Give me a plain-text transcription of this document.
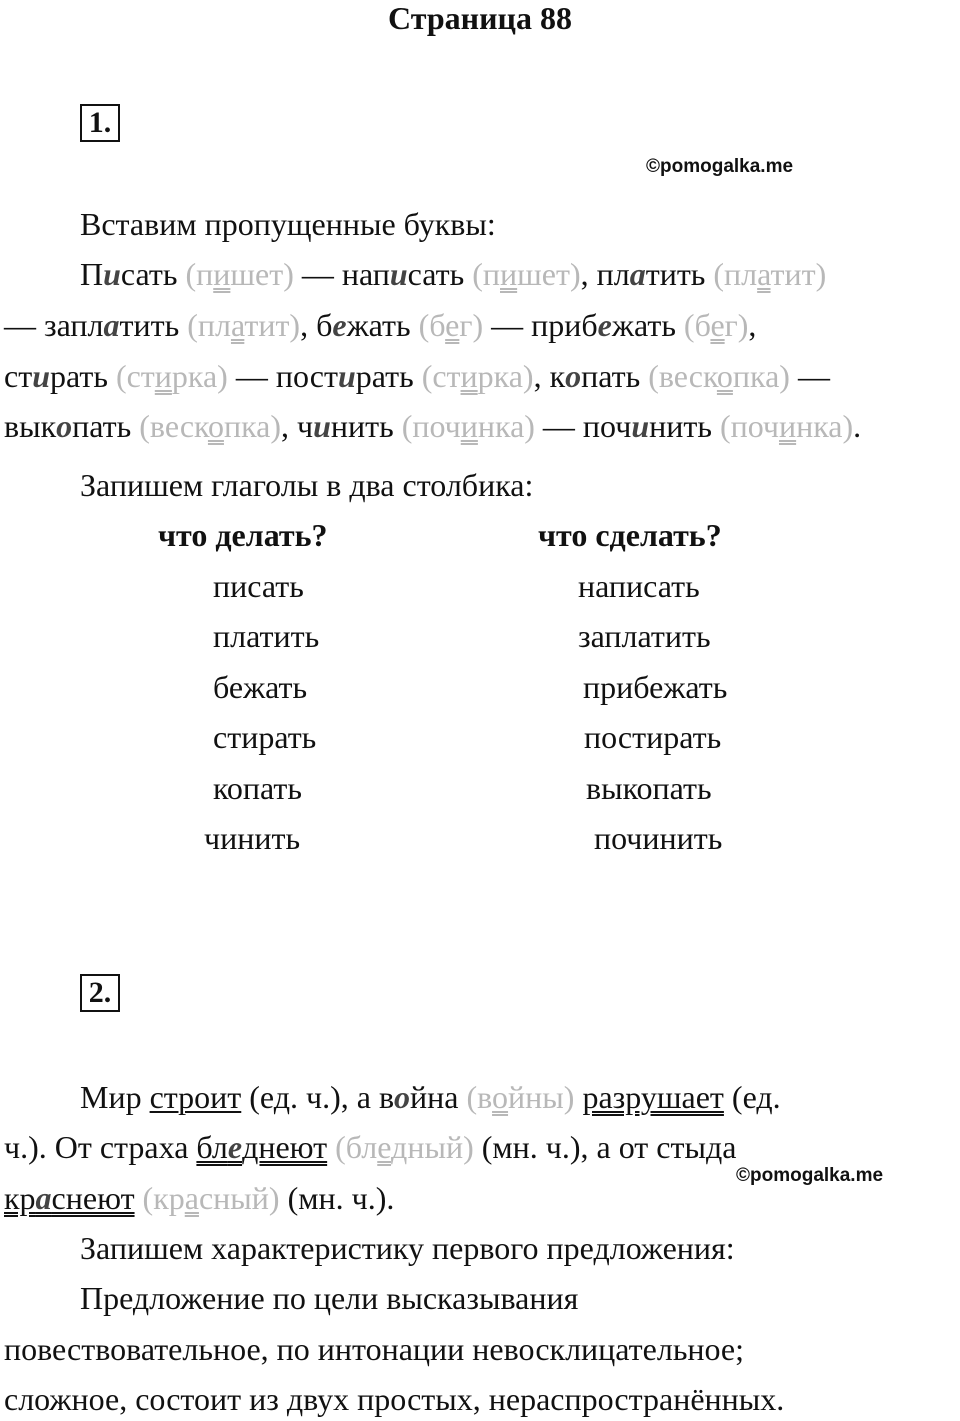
Страница 88
1.
©pomogalka.me
Вставим пропущенные буквы:
Писать (пишет) — написать (пишет), платить (платит)
— заплатить (платит), бежать (бег) — прибежать (бег),
стирать (стирка) — постирать (стирка), копать (вескопка) —
выкопать (вескопка), чинить (починка) — починить (починка).
Запишем глаголы в два столбика:
что делать?	что сделать?
писать
платить
бежать
стирать
копать
чинить
написать
заплатить
прибежать
постирать
выкопать
починить
2.
Мир строит (ед. ч.), а война (войны) разрушает (ед.
ч.). От страха бледнеют (бледный) (мн. ч.), а от стыда
©pomogalka.me
краснеют (красный) (мн. ч.).
Запишем характеристику первого предложения:
Предложение по цели высказывания
повествовательное, по интонации невосклицательное;
сложное, состоит из двух простых, нераспространённых.
